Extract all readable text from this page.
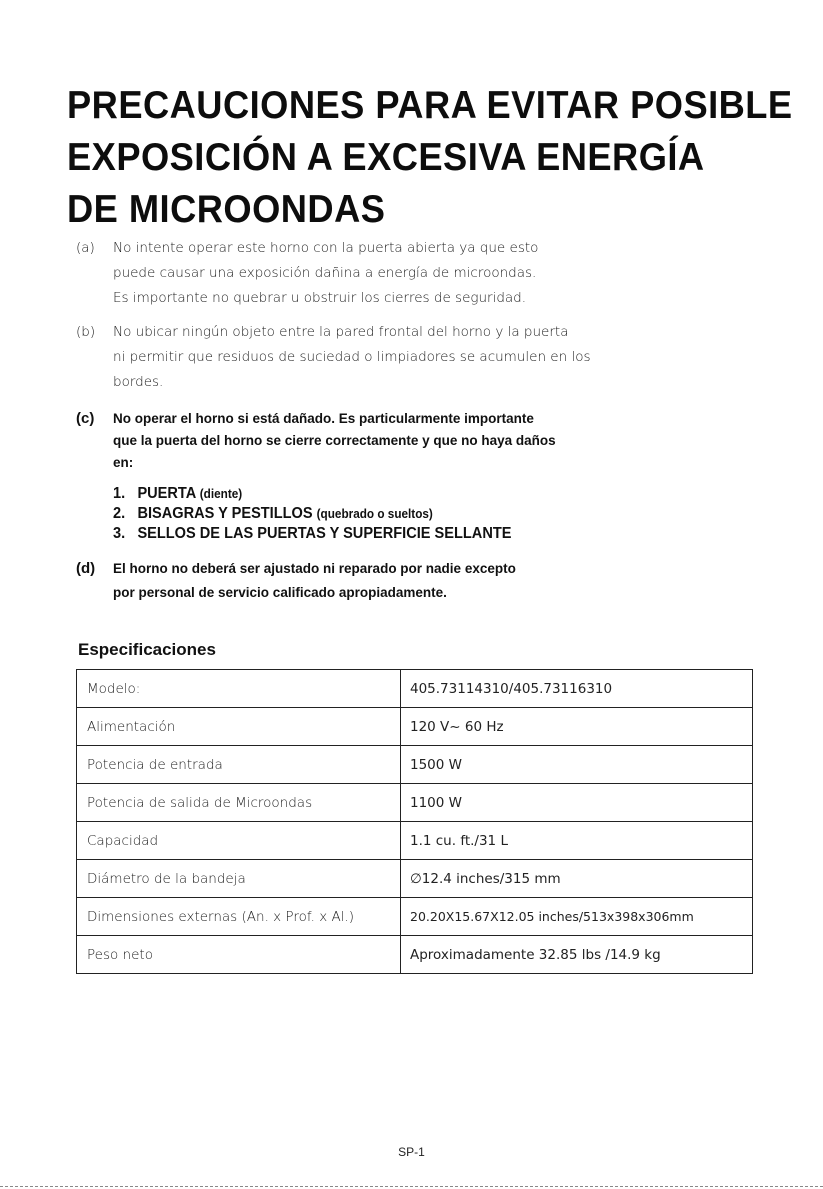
PRECAUCIONES PARA EVITAR POSIBLE
EXPOSICIÓN A EXCESIVA ENERGÍA
DE MICROONDAS
(a) No intente operar este horno con la puerta abierta ya que esto
puede causar una exposición dañina a energía de microondas.
Es importante no quebrar u obstruir los cierres de seguridad.
(b) No ubicar ningún objeto entre la pared frontal del horno y la puerta
ni permitir que residuos de suciedad o limpiadores se acumulen en los
bordes.
(c) No operar el horno si está dañado. Es particularmente importante
que la puerta del horno se cierre correctamente y que no haya daños
en:
1. PUERTA (diente)
2. BISAGRAS Y PESTILLOS (quebrado o sueltos)
3. SELLOS DE LAS PUERTAS Y SUPERFICIE SELLANTE
(d) El horno no deberá ser ajustado ni reparado por nadie excepto
por personal de servicio calificado apropiadamente.
Especificaciones
Modelo:	405.73114310/405.73116310
Alimentación	120 V~ 60 Hz
Potencia de entrada	1500 W
Potencia de salida de Microondas	1100 W
Capacidad	1.1 cu. ft./31 L
Diámetro de la bandeja	∅12.4 inches/315 mm
Dimensiones externas (An. x Prof. x Al.)	20.20X15.67X12.05 inches/513x398x306mm
Peso neto	Aproximadamente 32.85 lbs /14.9 kg
SP-1
